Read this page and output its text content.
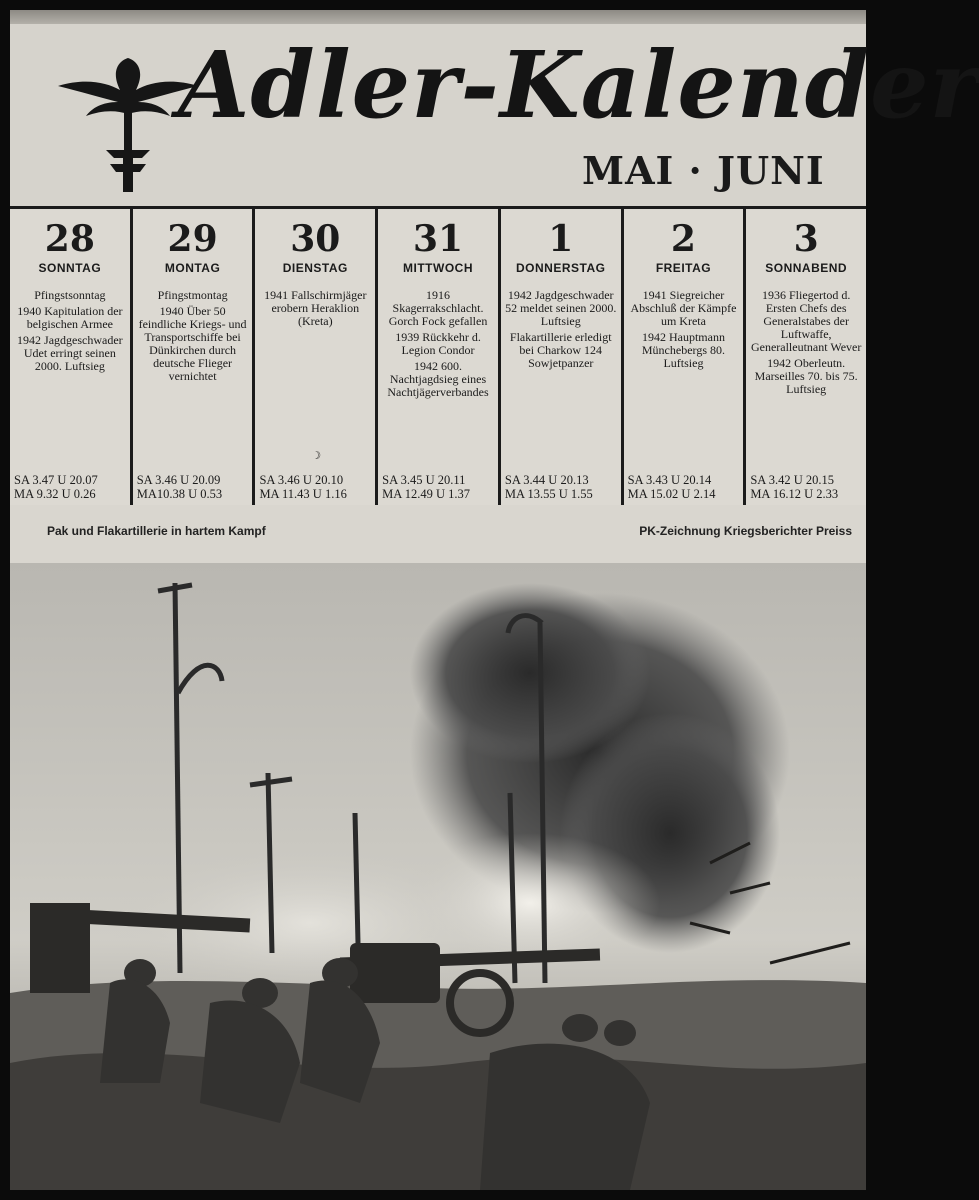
Adler-Kalender
MAI · JUNI
28
SONNTAG
Pfingstsonntag
1940 Kapitulation der belgischen Armee
1942 Jagdgeschwader Udet erringt seinen 2000. Luftsieg
SA 3.47 U 20.07
MA 9.32 U 0.26
29
MONTAG
Pfingstmontag
1940 Über 50 feindliche Kriegs- und Transportschiffe bei Dünkirchen durch deutsche Flieger vernichtet
SA 3.46 U 20.09
MA10.38 U 0.53
30
DIENSTAG
1941 Fallschirmjäger erobern Heraklion (Kreta)
☽
SA 3.46 U 20.10
MA 11.43 U 1.16
31
MITTWOCH
1916 Skagerrakschlacht. Gorch Fock gefallen
1939 Rückkehr d. Legion Condor
1942 600. Nachtjagdsieg eines Nachtjägerverbandes
SA 3.45 U 20.11
MA 12.49 U 1.37
1
DONNERSTAG
1942 Jagdgeschwader 52 meldet seinen 2000. Luftsieg
Flakartillerie erledigt bei Charkow 124 Sowjetpanzer
SA 3.44 U 20.13
MA 13.55 U 1.55
2
FREITAG
1941 Siegreicher Abschluß der Kämpfe um Kreta
1942 Hauptmann Münchebergs 80. Luftsieg
SA 3.43 U 20.14
MA 15.02 U 2.14
3
SONNABEND
1936 Fliegertod d. Ersten Chefs des Generalstabes der Luftwaffe, Generalleutnant Wever
1942 Oberleutn. Marseilles 70. bis 75. Luftsieg
SA 3.42 U 20.15
MA 16.12 U 2.33
Pak und Flakartillerie in hartem Kampf	PK-Zeichnung Kriegsberichter Preiss
